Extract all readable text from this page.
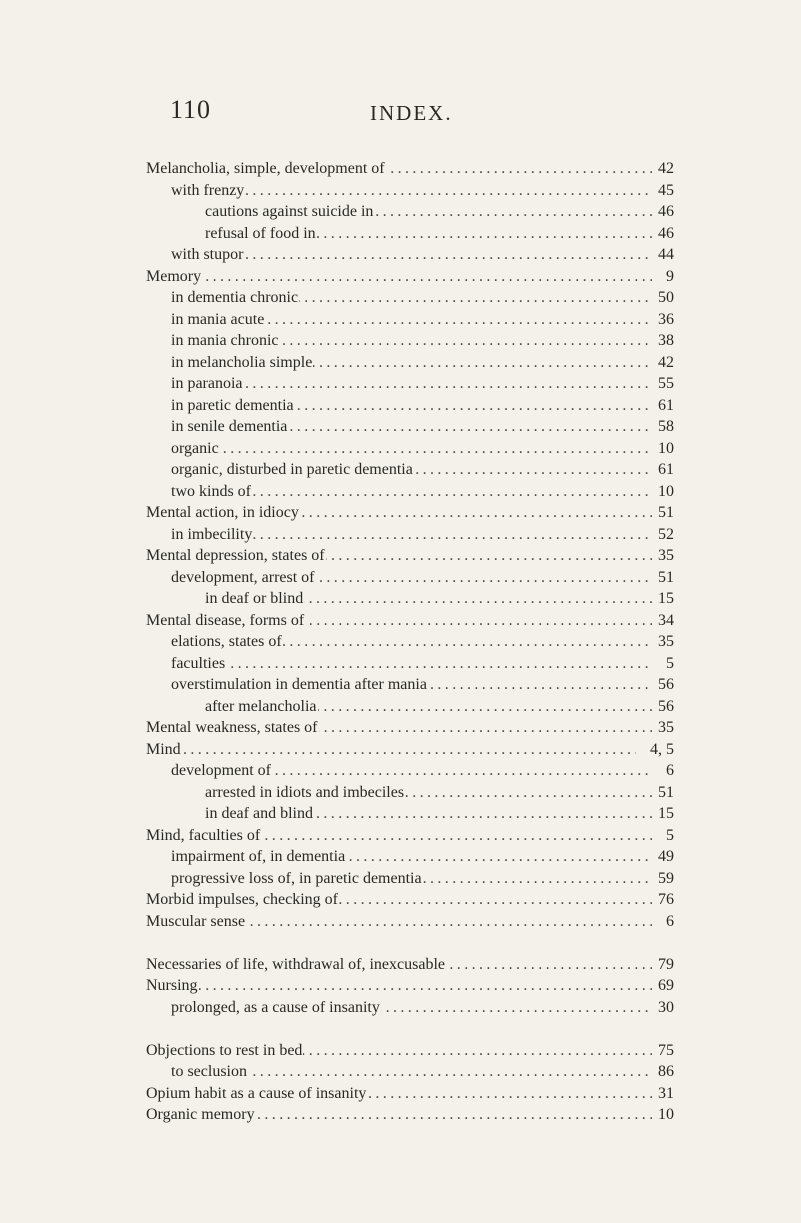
110	INDEX.
.....
Melancholia, simple, development of	42
.....
with frenzy	45
.....
cautions against suicide in	46
.....
refusal of food in	46
.....
with stupor	44
.....
Memory	9
.....
in dementia chronic	50
.....
in mania acute	36
.....
in mania chronic	38
.....
in melancholia simple	42
.....
in paranoia	55
.....
in paretic dementia	61
.....
in senile dementia	58
.....
organic	10
.....
organic, disturbed in paretic dementia	61
.....
two kinds of	10
.....
Mental action, in idiocy	51
.....
in imbecility	52
.....
Mental depression, states of	35
.....
development, arrest of	51
.....
in deaf or blind	15
.....
Mental disease, forms of	34
.....
elations, states of	35
.....
faculties	5
.....
overstimulation in dementia after mania	56
.....
after melancholia	56
.....
Mental weakness, states of	35
.....
Mind	4, 5
.....
development of	6
.....
arrested in idiots and imbeciles	51
.....
in deaf and blind	15
.....
Mind, faculties of	5
.....
impairment of, in dementia	49
.....
progressive loss of, in paretic dementia	59
.....
Morbid impulses, checking of	76
.....
Muscular sense	6
.....
Necessaries of life, withdrawal of, inexcusable	79
.....
Nursing	69
.....
prolonged, as a cause of insanity	30
.....
Objections to rest in bed	75
.....
to seclusion	86
.....
Opium habit as a cause of insanity	31
.....
Organic memory	10
